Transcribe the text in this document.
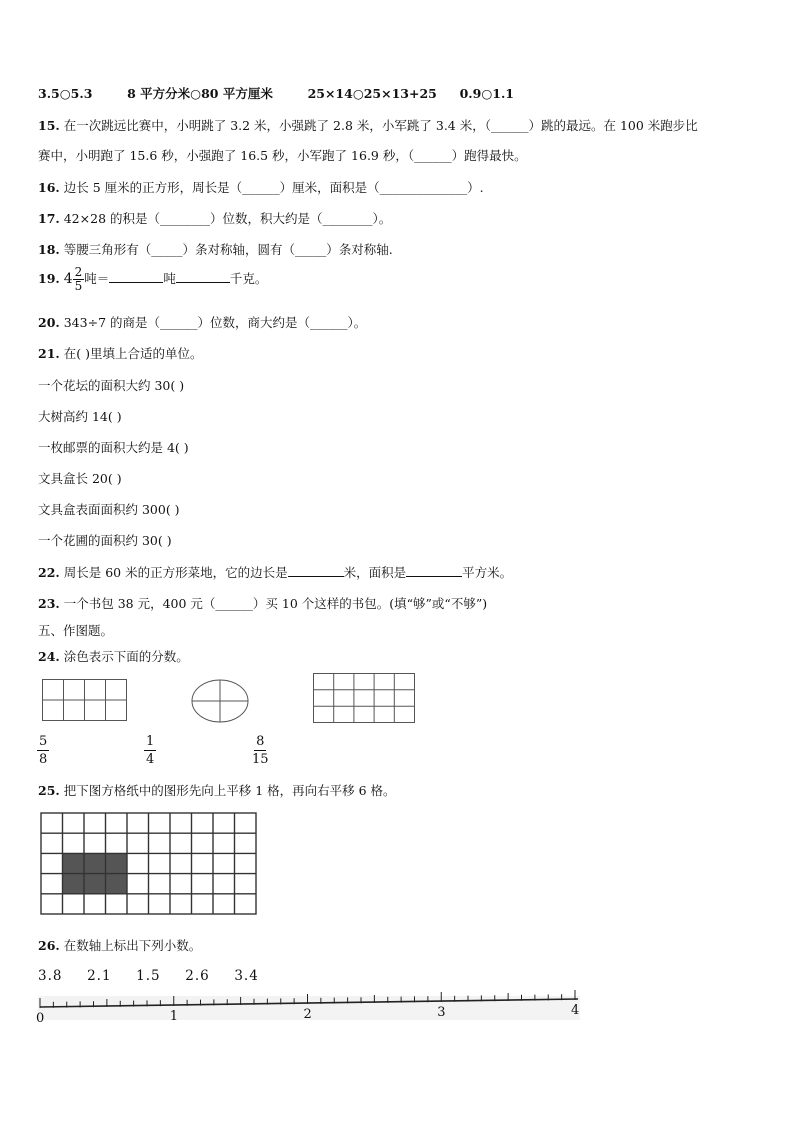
3.5○5.3	8 平方分米○80 平方厘米	25×14○25×13+25 0.9○1.1
15. 在一次跳远比赛中，小明跳了 3.2 米，小强跳了 2.8 米，小军跳了 3.4 米，（______）跳的最远。在 100 米跑步比
赛中，小明跑了 15.6 秒，小强跑了 16.5 秒，小军跑了 16.9 秒，（______）跑得最快。
16. 边长 5 厘米的正方形，周长是（______）厘米，面积是（______________）.
17. 42×28 的积是（________）位数，积大约是（________）。
18. 等腰三角形有（_____）条对称轴，圆有（_____）条对称轴.
19. $4 \frac{2}{5}$ 吨＝	吨	千克。
20. 343÷7 的商是（______）位数，商大约是（______）。
21. 在( )里填上合适的单位。
一个花坛的面积大约 30( )
大树高约 14( )
一枚邮票的面积大约是 4( )
文具盒长 20( )
文具盒表面面积约 300( )
一个花圃的面积约 30( )
22. 周长是 60 米的正方形菜地，它的边长是	米，面积是	平方米。
23. 一个书包 38 元，400 元（______）买 10 个这样的书包。(填“够”或“不够”)
五、作图题。
24. 涂色表示下面的分数。
$\frac{5}{8}$	$\frac{1}{4}$	$\frac{8}{15}$
25. 把下图方格纸中的图形先向上平移 1 格，再向右平移 6 格。
26. 在数轴上标出下列小数。
3.8 2.1 1.5 2.6 3.4
0	1	2	3	4
